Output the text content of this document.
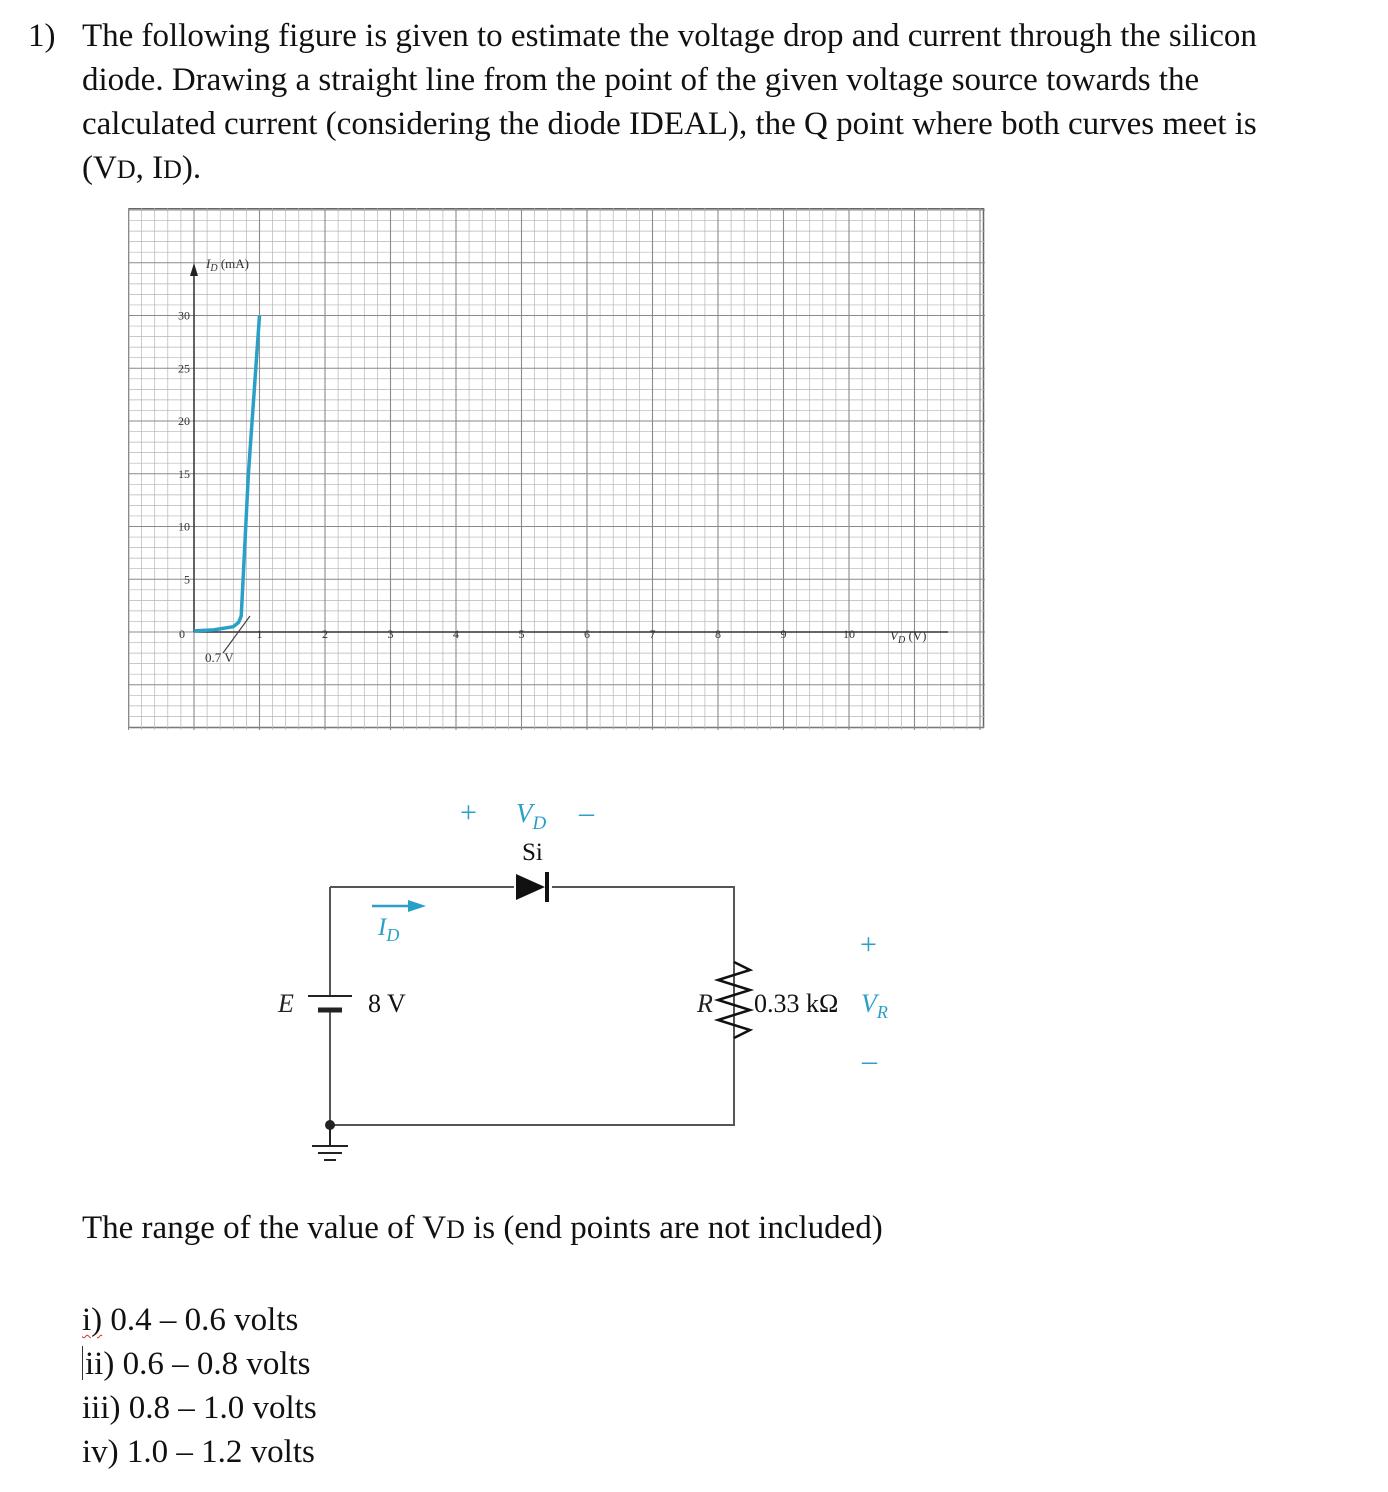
1) The following figure is given to estimate the voltage drop and current through the silicon

diode. Drawing a straight line from the point of the given voltage source towards the

calculated current (considering the diode IDEAL), the Q point where both curves meet is

(VD, ID).

0	1	2	3	4	5	6	7	8	9	10
5
10
15
20
25
30
$I_D$ (mA)
$V_D$ (V)
0.7 V
+ $V_D$ –
Si
$I_D$
E	8 V	R 0.33 kΩ
+
$V_R$
–
The range of the value of VD is (end points are not included)
i) 0.4 – 0.6 volts
ii) 0.6 – 0.8 volts
iii) 0.8 – 1.0 volts
iv) 1.0 – 1.2 volts
